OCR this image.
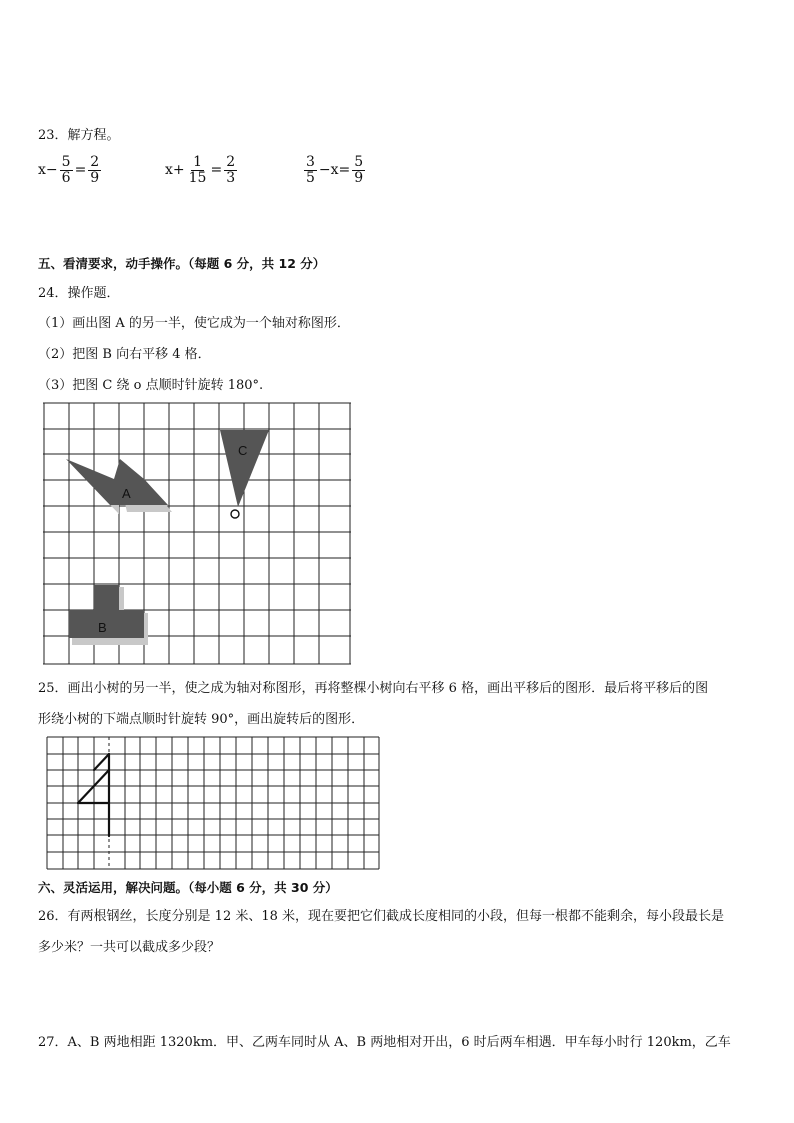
23．解方程。
$x- \frac{5}{6} = \frac{2}{9}$	$x+ \frac{1}{15} = \frac{2}{3}$	$\frac{3}{5} -x= \frac{5}{9}$
五、看清要求，动手操作。（每题 6 分，共 12 分）
24．操作题．
（1）画出图 A 的另一半，使它成为一个轴对称图形．
（2）把图 B 向右平移 4 格．
（3）把图 C 绕 o 点顺时针旋转 180°.
A
C
B
25．画出小树的另一半，使之成为轴对称图形，再将整棵小树向右平移 6 格，画出平移后的图形．最后将平移后的图
形绕小树的下端点顺时针旋转 90°，画出旋转后的图形．
六、灵活运用，解决问题。（每小题 6 分，共 30 分）
26．有两根钢丝，长度分别是 12 米、18 米，现在要把它们截成长度相同的小段，但每一根都不能剩余，每小段最长是
多少米？一共可以截成多少段？
27．A、B 两地相距 1320km．甲、乙两车同时从 A、B 两地相对开出，6 时后两车相遇．甲车每小时行 120km，乙车
